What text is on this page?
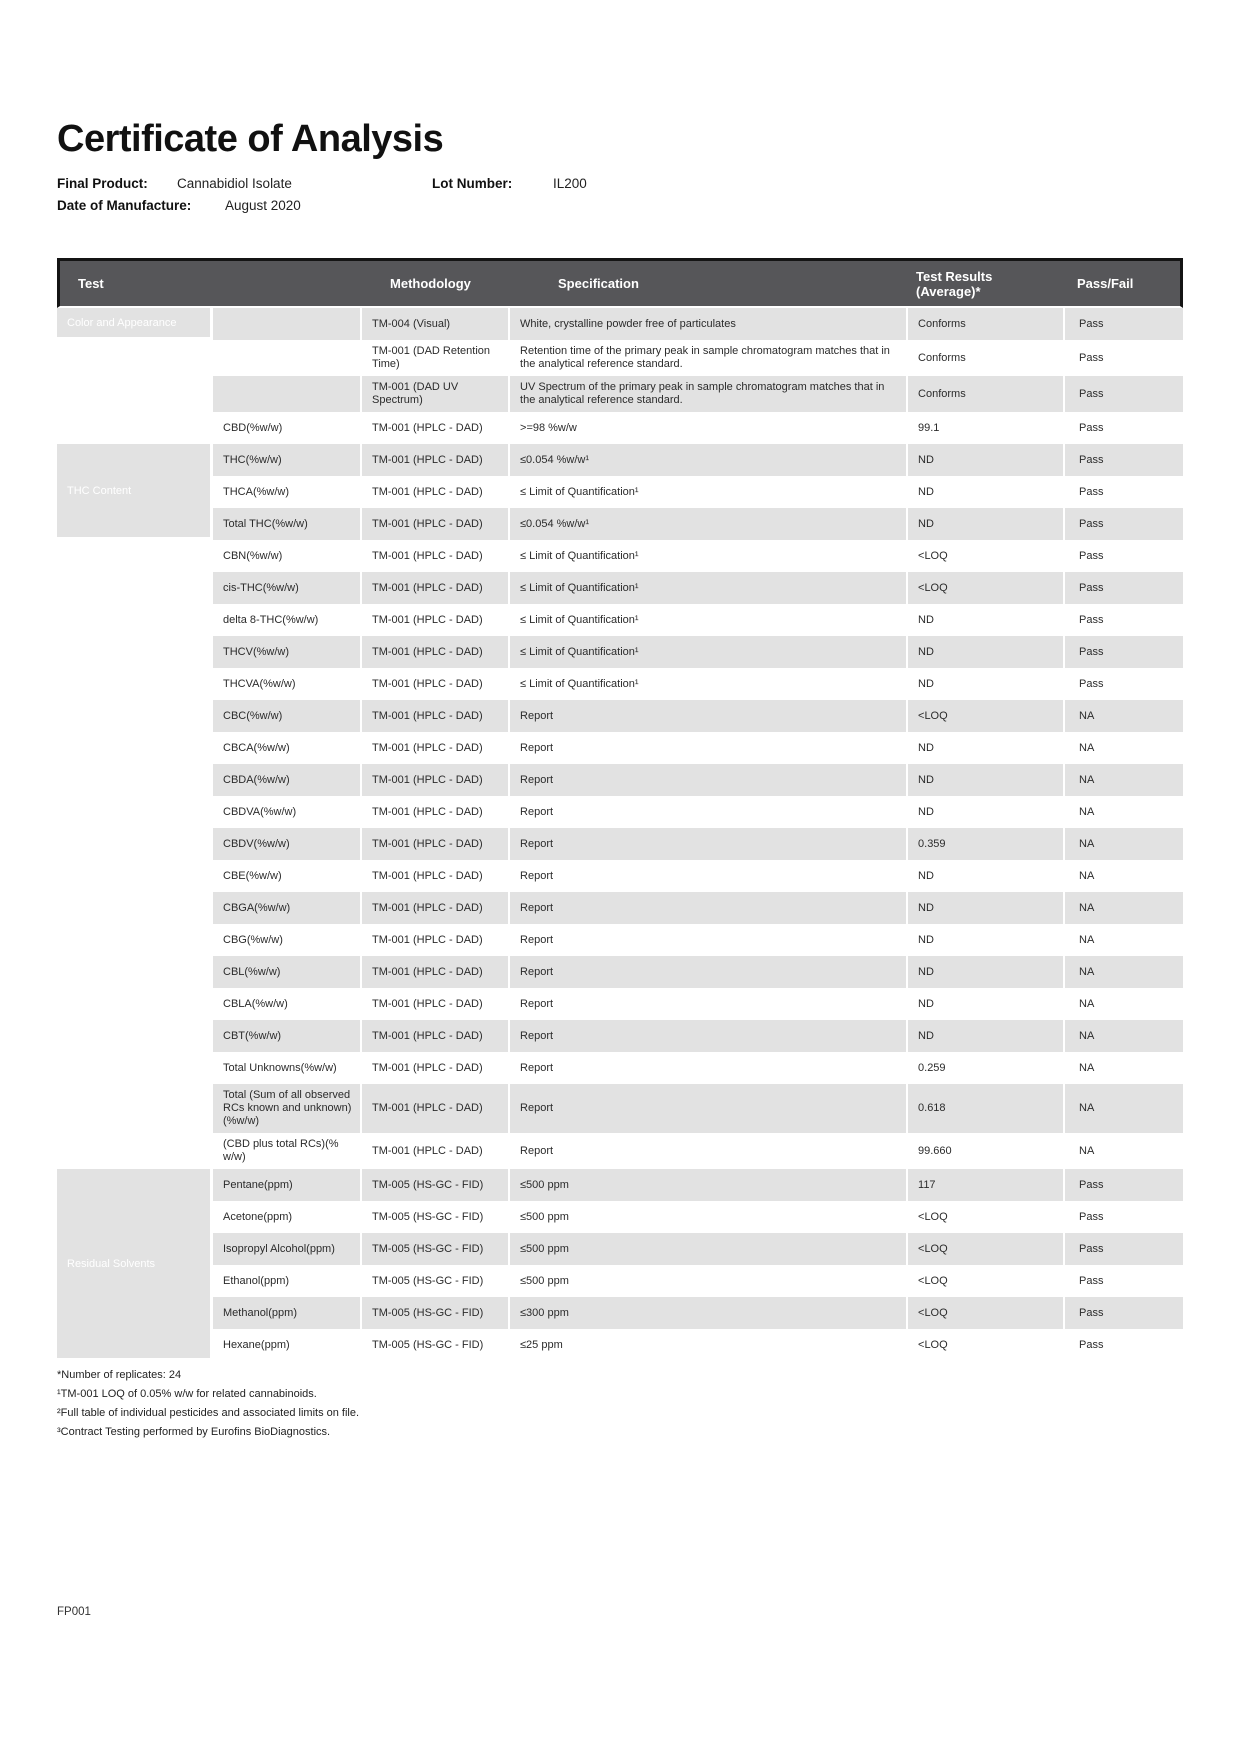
Certificate of Analysis
Final Product: Cannabidiol Isolate	Lot Number:	IL200
Date of Manufacture: August 2020
Test		Methodology	Specification	Test Results (Average)*	Pass/Fail
Color and Appearance		TM-004 (Visual)	White, crystalline powder free of particulates	Conforms	Pass
Cannabidiol Identification		TM-001 (DAD Retention Time)	Retention time of the primary peak in sample chromatogram matches that in the analytical reference standard.	Conforms	Pass
		TM-001 (DAD UV Spectrum)	UV Spectrum of the primary peak in sample chromatogram matches that in the analytical reference standard.	Conforms	Pass
CBD Potency	CBD(%w/w)	TM-001 (HPLC - DAD)	>=98 %w/w	99.1	Pass
THC Content	THC(%w/w)	TM-001 (HPLC - DAD)	≤0.054 %w/w¹	ND	Pass
	THCA(%w/w)	TM-001 (HPLC - DAD)	≤ Limit of Quantification¹	ND	Pass
	Total THC(%w/w)	TM-001 (HPLC - DAD)	≤0.054 %w/w¹	ND	Pass
Related Cannabinoid Content	CBN(%w/w)	TM-001 (HPLC - DAD)	≤ Limit of Quantification¹	<LOQ	Pass
	cis-THC(%w/w)	TM-001 (HPLC - DAD)	≤ Limit of Quantification¹	<LOQ	Pass
	delta 8-THC(%w/w)	TM-001 (HPLC - DAD)	≤ Limit of Quantification¹	ND	Pass
	THCV(%w/w)	TM-001 (HPLC - DAD)	≤ Limit of Quantification¹	ND	Pass
	THCVA(%w/w)	TM-001 (HPLC - DAD)	≤ Limit of Quantification¹	ND	Pass
	CBC(%w/w)	TM-001 (HPLC - DAD)	Report	<LOQ	NA
	CBCA(%w/w)	TM-001 (HPLC - DAD)	Report	ND	NA
	CBDA(%w/w)	TM-001 (HPLC - DAD)	Report	ND	NA
	CBDVA(%w/w)	TM-001 (HPLC - DAD)	Report	ND	NA
	CBDV(%w/w)	TM-001 (HPLC - DAD)	Report	0.359	NA
	CBE(%w/w)	TM-001 (HPLC - DAD)	Report	ND	NA
	CBGA(%w/w)	TM-001 (HPLC - DAD)	Report	ND	NA
	CBG(%w/w)	TM-001 (HPLC - DAD)	Report	ND	NA
	CBL(%w/w)	TM-001 (HPLC - DAD)	Report	ND	NA
	CBLA(%w/w)	TM-001 (HPLC - DAD)	Report	ND	NA
	CBT(%w/w)	TM-001 (HPLC - DAD)	Report	ND	NA
	Total Unknowns(%w/w)	TM-001 (HPLC - DAD)	Report	0.259	NA
	Total (Sum of all observed RCs known and unknown) (%w/w)	TM-001 (HPLC - DAD)	Report	0.618	NA
Total Cannabinoids	(CBD plus total RCs)(% w/w)	TM-001 (HPLC - DAD)	Report	99.660	NA
Residual Solvents	Pentane(ppm)	TM-005 (HS-GC - FID)	≤500 ppm	117	Pass
	Acetone(ppm)	TM-005 (HS-GC - FID)	≤500 ppm	<LOQ	Pass
	Isopropyl Alcohol(ppm)	TM-005 (HS-GC - FID)	≤500 ppm	<LOQ	Pass
	Ethanol(ppm)	TM-005 (HS-GC - FID)	≤500 ppm	<LOQ	Pass
	Methanol(ppm)	TM-005 (HS-GC - FID)	≤300 ppm	<LOQ	Pass
	Hexane(ppm)	TM-005 (HS-GC - FID)	≤25 ppm	<LOQ	Pass

*Number of replicates: 24

¹TM-001 LOQ of 0.05% w/w for related cannabinoids.

²Full table of individual pesticides and associated limits on file.

³Contract Testing performed by Eurofins BioDiagnostics.

FP001
